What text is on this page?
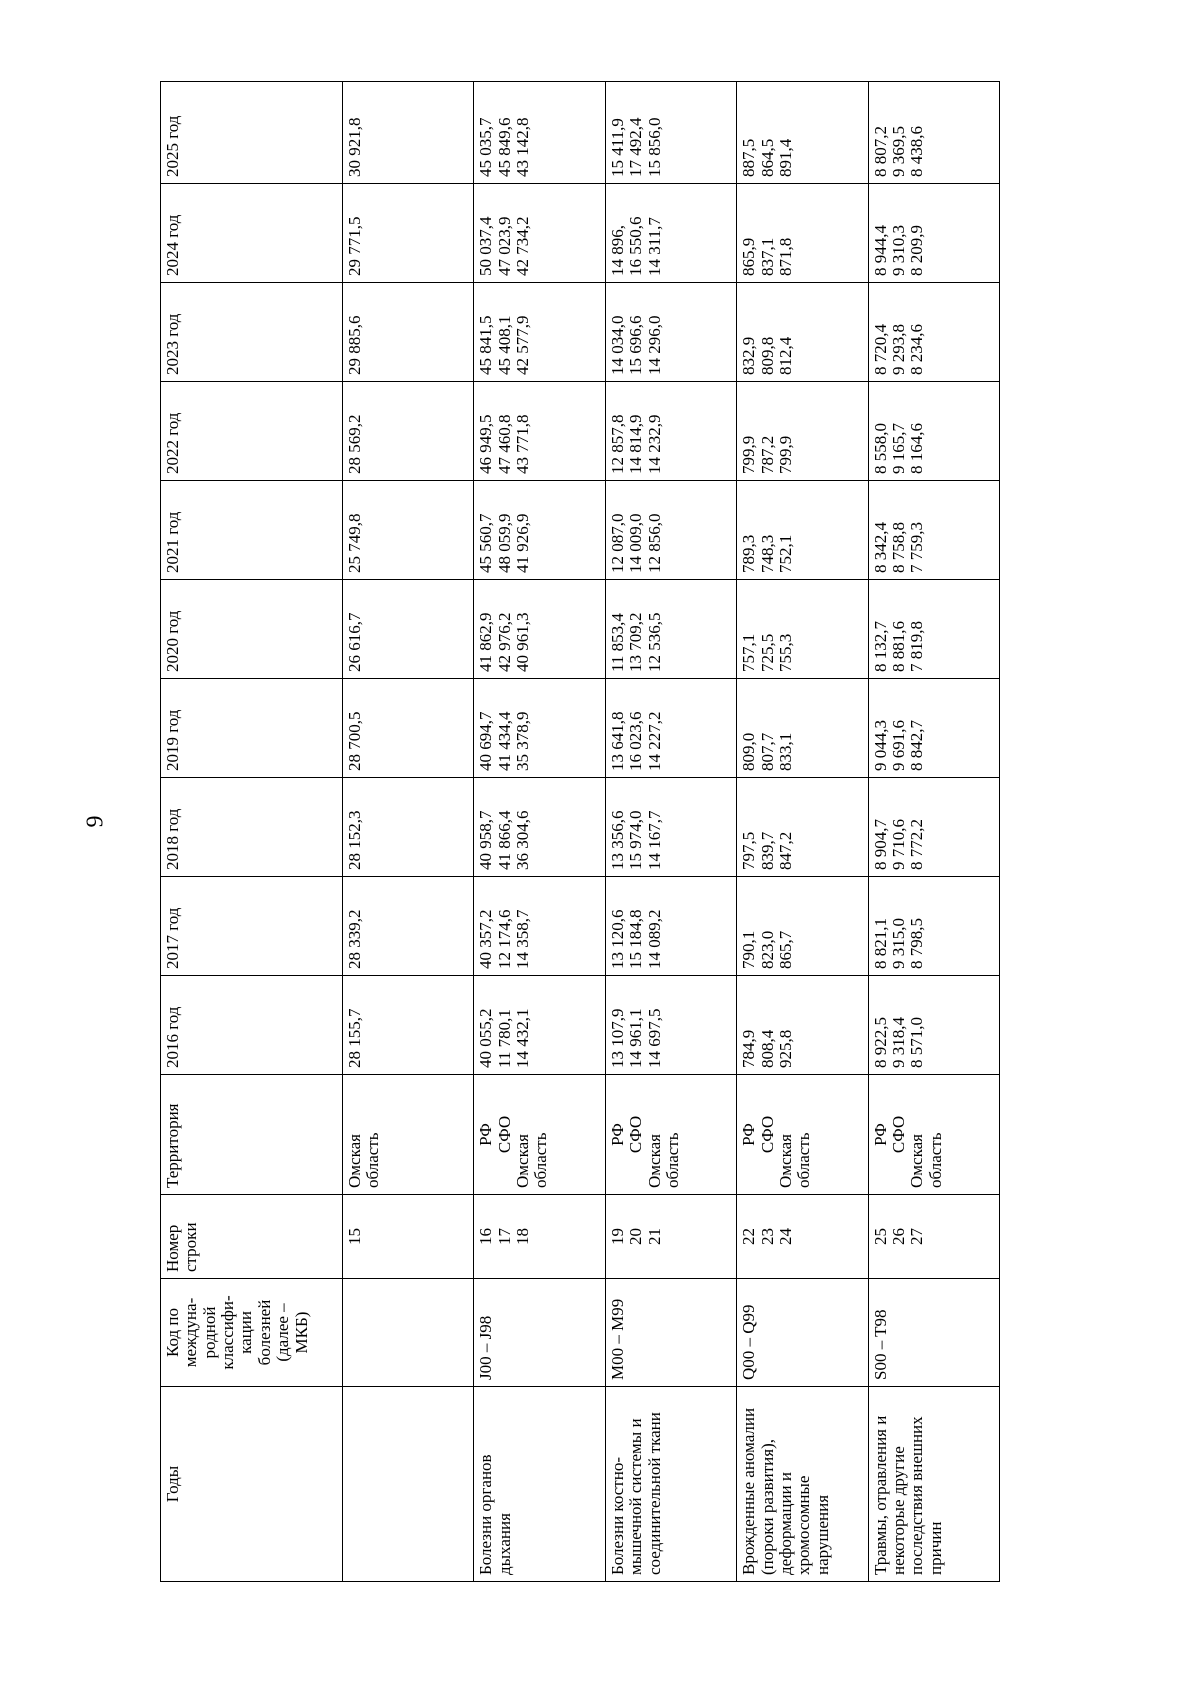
9
Годы	Код по междуна-родной классифи-кации болезней (далее – МКБ)	Номер строки	Территория	2016 год	2017 год	2018 год	2019 год	2020 год	2021 год	2022 год	2023 год	2024 год	2025 год

		15	Омская область	28 155,7	28 339,2	28 152,3	28 700,5	26 616,7	25 749,8	28 569,2	29 885,6	29 771,5	30 921,8

Болезни органов дыхания	J00 – J98	16 17 18	РФ СФО Омская область	40 055,2 11 780,1 14 432,1	40 357,2 12 174,6 14 358,7	40 958,7 41 866,4 36 304,6	40 694,7 41 434,4 35 378,9	41 862,9 42 976,2 40 961,3	45 560,7 48 059,9 41 926,9	46 949,5 47 460,8 43 771,8	45 841,5 45 408,1 42 577,9	50 037,4 47 023,9 42 734,2	45 035,7 45 849,6 43 142,8

Болезни костно-мышечной системы и соединительной ткани	M00 – M99	19 20 21	РФ СФО Омская область	13 107,9 14 961,1 14 697,5	13 120,6 15 184,8 14 089,2	13 356,6 15 974,0 14 167,7	13 641,8 16 023,6 14 227,2	11 853,4 13 709,2 12 536,5	12 087,0 14 009,0 12 856,0	12 857,8 14 814,9 14 232,9	14 034,0 15 696,6 14 296,0	14 896, 16 550,6 14 311,7	15 411,9 17 492,4 15 856,0

Врожденные аномалии (пороки развития), деформации и хромосомные нарушения	Q00 – Q99	22 23 24	РФ СФО Омская область	784,9 808,4 925,8	790,1 823,0 865,7	797,5 839,7 847,2	809,0 807,7 833,1	757,1 725,5 755,3	789,3 748,3 752,1	799,9 787,2 799,9	832,9 809,8 812,4	865,9 837,1 871,8	887,5 864,5 891,4

Травмы, отравления и некоторые другие последствия внешних причин	S00 – T98	25 26 27	РФ СФО Омская область	8 922,5 9 318,4 8 571,0	8 821,1 9 315,0 8 798,5	8 904,7 9 710,6 8 772,2	9 044,3 9 691,6 8 842,7	8 132,7 8 881,6 7 819,8	8 342,4 8 758,8 7 759,3	8 558,0 9 165,7 8 164,6	8 720,4 9 293,8 8 234,6	8 944,4 9 310,3 8 209,9	8 807,2 9 369,5 8 438,6
